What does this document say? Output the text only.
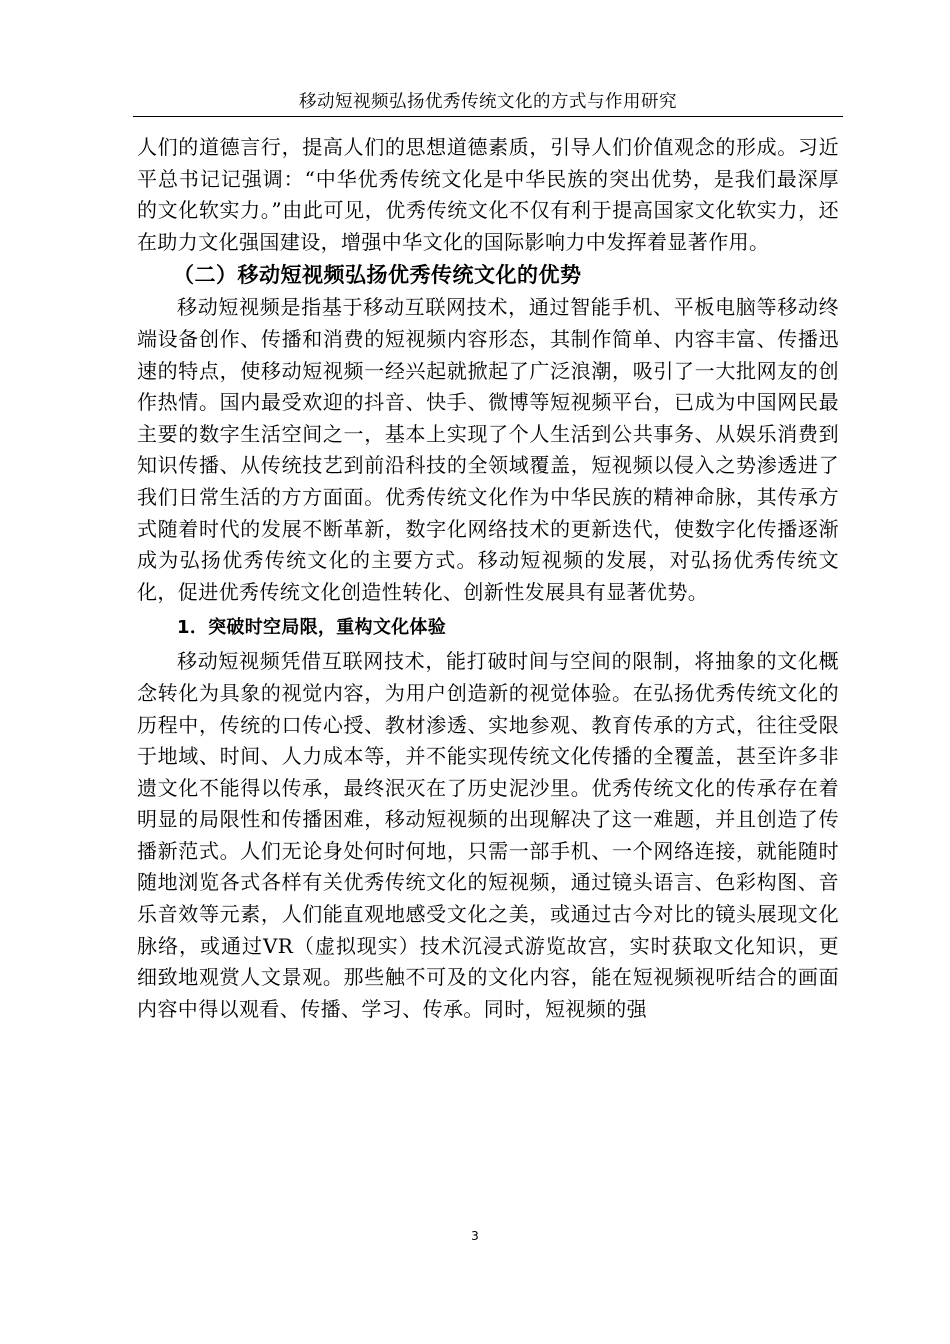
移动短视频弘扬优秀传统文化的方式与作用研究

人们的道德言行，提高人们的思想道德素质，引导人们价值观念的形成。习近平总书记记强调：“中华优秀传统文化是中华民族的突出优势，是我们最深厚的文化软实力。”由此可见，优秀传统文化不仅有利于提高国家文化软实力，还在助力文化强国建设，增强中华文化的国际影响力中发挥着显著作用。

（二）移动短视频弘扬优秀传统文化的优势

移动短视频是指基于移动互联网技术，通过智能手机、平板电脑等移动终端设备创作、传播和消费的短视频内容形态，其制作简单、内容丰富、传播迅速的特点，使移动短视频一经兴起就掀起了广泛浪潮，吸引了一大批网友的创作热情。国内最受欢迎的抖音、快手、微博等短视频平台，已成为中国网民最主要的数字生活空间之一，基本上实现了个人生活到公共事务、从娱乐消费到知识传播、从传统技艺到前沿科技的全领域覆盖，短视频以侵入之势渗透进了我们日常生活的方方面面。优秀传统文化作为中华民族的精神命脉，其传承方式随着时代的发展不断革新，数字化网络技术的更新迭代，使数字化传播逐渐成为弘扬优秀传统文化的主要方式。移动短视频的发展，对弘扬优秀传统文化，促进优秀传统文化创造性转化、创新性发展具有显著优势。

1．突破时空局限，重构文化体验

移动短视频凭借互联网技术，能打破时间与空间的限制，将抽象的文化概念转化为具象的视觉内容，为用户创造新的视觉体验。在弘扬优秀传统文化的历程中，传统的口传心授、教材渗透、实地参观、教育传承的方式，往往受限于地域、时间、人力成本等，并不能实现传统文化传播的全覆盖，甚至许多非遗文化不能得以传承，最终泯灭在了历史泥沙里。优秀传统文化的传承存在着明显的局限性和传播困难，移动短视频的出现解决了这一难题，并且创造了传播新范式。人们无论身处何时何地，只需一部手机、一个网络连接，就能随时随地浏览各式各样有关优秀传统文化的短视频，通过镜头语言、色彩构图、音乐音效等元素，人们能直观地感受文化之美，或通过古今对比的镜头展现文化脉络，或通过VR（虚拟现实）技术沉浸式游览故宫，实时获取文化知识，更细致地观赏人文景观。那些触不可及的文化内容，能在短视频视听结合的画面内容中得以观看、传播、学习、传承。同时，短视频的强

3
